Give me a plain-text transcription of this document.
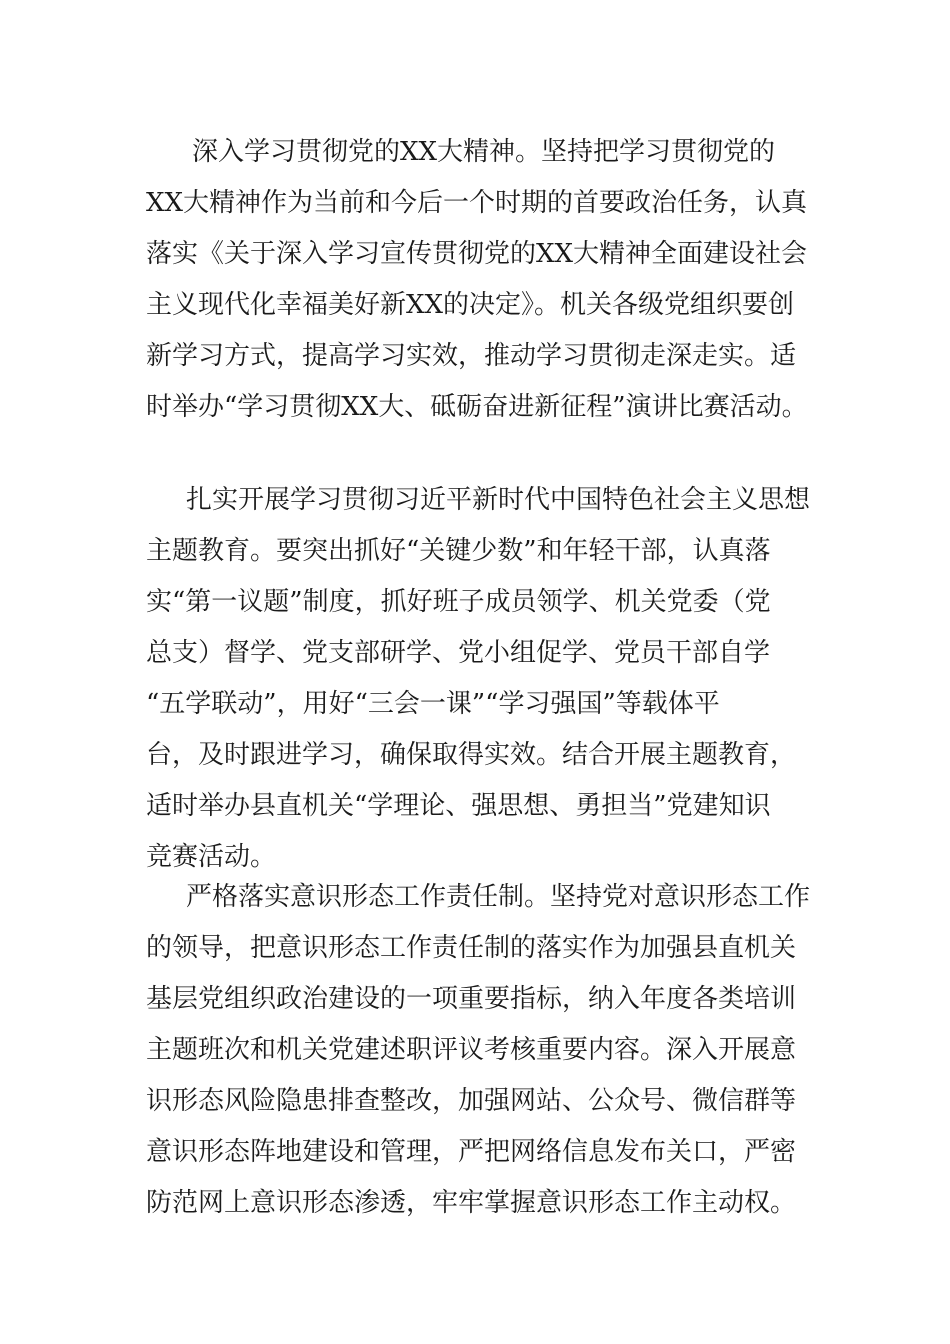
深入学习贯彻党的XX大精神。坚持把学习贯彻党的
XX大精神作为当前和今后一个时期的首要政治任务，认真
落实《关于深入学习宣传贯彻党的XX大精神全面建设社会
主义现代化幸福美好新XX的决定》。机关各级党组织要创
新学习方式，提高学习实效，推动学习贯彻走深走实。适
时举办“学习贯彻XX大、砥砺奋进新征程”演讲比赛活动。
扎实开展学习贯彻习近平新时代中国特色社会主义思想
主题教育。要突出抓好“关键少数”和年轻干部，认真落
实“第一议题”制度，抓好班子成员领学、机关党委（党
总支）督学、党支部研学、党小组促学、党员干部自学
“五学联动”，用好“三会一课”“学习强国”等载体平
台，及时跟进学习，确保取得实效。结合开展主题教育，
适时举办县直机关“学理论、强思想、勇担当”党建知识
竞赛活动。
严格落实意识形态工作责任制。坚持党对意识形态工作
的领导，把意识形态工作责任制的落实作为加强县直机关
基层党组织政治建设的一项重要指标，纳入年度各类培训
主题班次和机关党建述职评议考核重要内容。深入开展意
识形态风险隐患排查整改，加强网站、公众号、微信群等
意识形态阵地建设和管理，严把网络信息发布关口，严密
防范网上意识形态渗透，牢牢掌握意识形态工作主动权。
